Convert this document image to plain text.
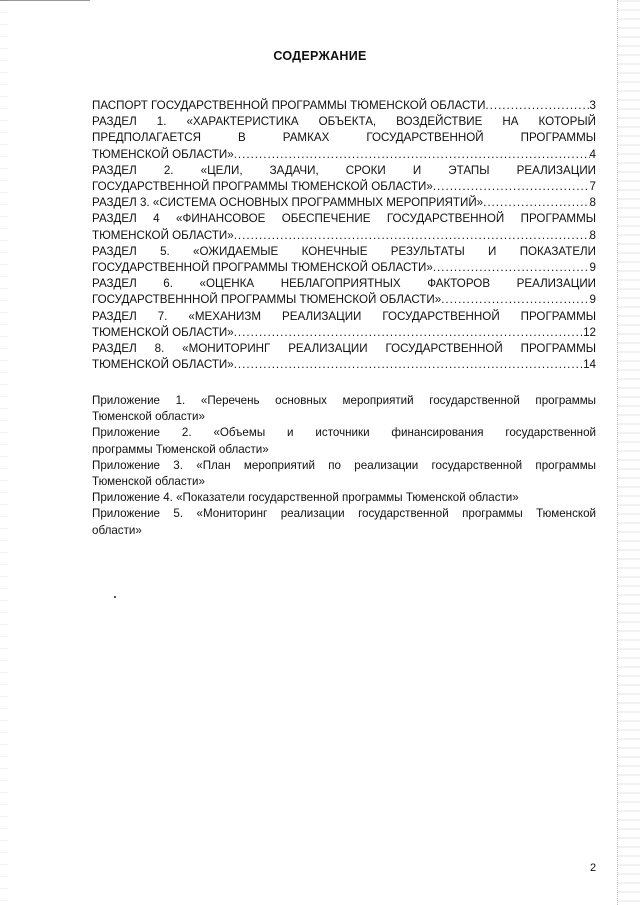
СОДЕРЖАНИЕ
ПАСПОРТ ГОСУДАРСТВЕННОЙ ПРОГРАММЫ ТЮМЕНСКОЙ ОБЛАСТИ .....	3
РАЗДЕЛ 1. «ХАРАКТЕРИСТИКА ОБЪЕКТА, ВОЗДЕЙСТВИЕ НА КОТОРЫЙ
ПРЕДПОЛАГАЕТСЯ В РАМКАХ ГОСУДАРСТВЕННОЙ ПРОГРАММЫ
ТЮМЕНСКОЙ ОБЛАСТИ» .....	4
РАЗДЕЛ 2. «ЦЕЛИ, ЗАДАЧИ, СРОКИ И ЭТАПЫ РЕАЛИЗАЦИИ
ГОСУДАРСТВЕННОЙ ПРОГРАММЫ ТЮМЕНСКОЙ ОБЛАСТИ» .....	7
РАЗДЕЛ 3. «СИСТЕМА ОСНОВНЫХ ПРОГРАММНЫХ МЕРОПРИЯТИЙ» .....	8
РАЗДЕЛ 4 «ФИНАНСОВОЕ ОБЕСПЕЧЕНИЕ ГОСУДАРСТВЕННОЙ ПРОГРАММЫ
ТЮМЕНСКОЙ ОБЛАСТИ» .....	8
РАЗДЕЛ 5. «ОЖИДАЕМЫЕ КОНЕЧНЫЕ РЕЗУЛЬТАТЫ И ПОКАЗАТЕЛИ
ГОСУДАРСТВЕННОЙ ПРОГРАММЫ ТЮМЕНСКОЙ ОБЛАСТИ» .....	9
РАЗДЕЛ 6. «ОЦЕНКА НЕБЛАГОПРИЯТНЫХ ФАКТОРОВ РЕАЛИЗАЦИИ
ГОСУДАРСТВЕНННОЙ ПРОГРАММЫ ТЮМЕНСКОЙ ОБЛАСТИ» .....	9
РАЗДЕЛ 7. «МЕХАНИЗМ РЕАЛИЗАЦИИ ГОСУДАРСТВЕННОЙ ПРОГРАММЫ
ТЮМЕНСКОЙ ОБЛАСТИ» .....	12
РАЗДЕЛ 8. «МОНИТОРИНГ РЕАЛИЗАЦИИ ГОСУДАРСТВЕННОЙ ПРОГРАММЫ
ТЮМЕНСКОЙ ОБЛАСТИ» .....	14
Приложение 1. «Перечень основных мероприятий государственной программы
Тюменской области»
Приложение 2. «Объемы и источники финансирования государственной
программы Тюменской области»
Приложение 3. «План мероприятий по реализации государственной программы
Тюменской области»
Приложение 4. «Показатели государственной программы Тюменской области»
Приложение 5. «Мониторинг реализации государственной программы Тюменской
области»
2
